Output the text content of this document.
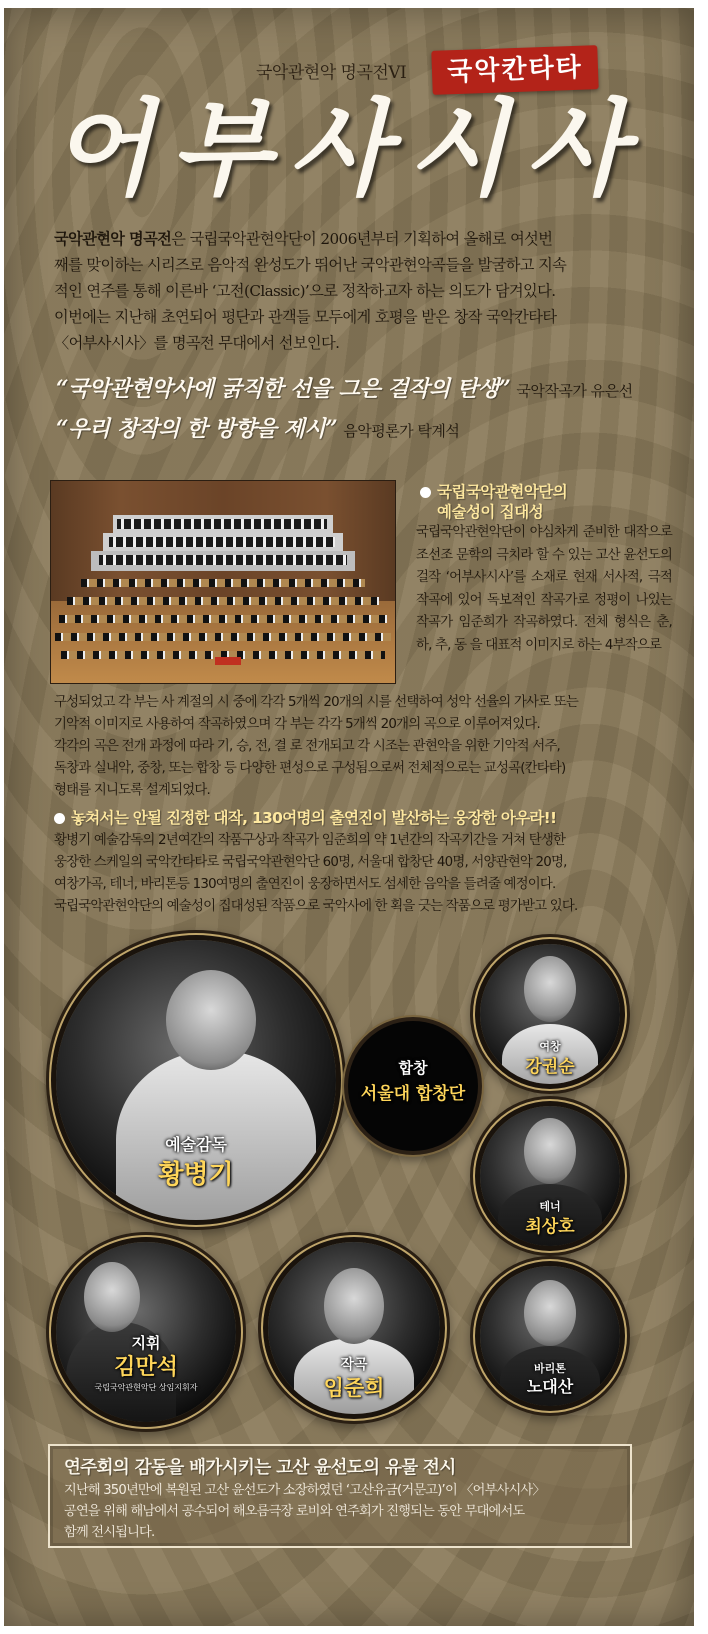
국악관현악 명곡전VI	국악칸타타
어부사시사
국악관현악 명곡전은 국립국악관현악단이 2006년부터 기획하여 올해로 여섯번
째를 맞이하는 시리즈로 음악적 완성도가 뛰어난 국악관현악곡들을 발굴하고 지속
적인 연주를 통해 이른바 ‘고전(Classic)’으로 정착하고자 하는 의도가 담겨있다.
이번에는 지난해 초연되어 평단과 관객들 모두에게 호평을 받은 창작 국악칸타타
〈어부사시사〉를 명곡전 무대에서 선보인다.
“국악관현악사에 굵직한 선을 그은 걸작의 탄생” 국악작곡가 유은선
“우리 창작의 한 방향을 제시” 음악평론가 탁계석
국립국악관현악단의
예술성이 집대성
국립국악관현악단이 야심차게 준비한 대작으로 조선조 문학의 극치라 할 수 있는 고산 윤선도의 걸작 ‘어부사시사’를 소재로 현재 서사적, 극적 작곡에 있어 독보적인 작곡가로 정평이 나있는 작곡가 임준희가 작곡하였다. 전체 형식은 춘, 하, 추, 동 을 대표적 이미지로 하는 4부작으로
구성되었고 각 부는 사 계절의 시 중에 각각 5개씩 20개의 시를 선택하여 성악 선율의 가사로 또는
기악적 이미지로 사용하여 작곡하였으며 각 부는 각각 5개씩 20개의 곡으로 이루어져있다.
각각의 곡은 전개 과정에 따라 기, 승, 전, 결 로 전개되고 각 시조는 관현악을 위한 기악적 서주,
독창과 실내악, 중창, 또는 합창 등 다양한 편성으로 구성됨으로써 전체적으로는 교성곡(칸타타)
형태를 지니도록 설계되었다.
놓쳐서는 안될 진정한 대작, 130여명의 출연진이 발산하는 웅장한 아우라!!
황병기 예술감독의 2년여간의 작품구상과 작곡가 임준희의 약 1년간의 작곡기간을 거쳐 탄생한
웅장한 스케일의 국악칸타타로 국립국악관현악단 60명, 서울대 합창단 40명, 서양관현악 20명,
여창가곡, 테너, 바리톤등 130여명의 출연진이 웅장하면서도 섬세한 음악을 들려줄 예정이다.
국립국악관현악단의 예술성이 집대성된 작품으로 국악사에 한 획을 긋는 작품으로 평가받고 있다.
예술감독
황병기
합창
서울대 합창단
여창
강권순
테너
최상호
지휘
김만석
국립국악관현악단 상임지휘자
작곡
임준희
바리톤
노대산
연주회의 감동을 배가시키는 고산 윤선도의 유물 전시
지난해 350년만에 복원된 고산 윤선도가 소장하였던 ‘고산유금(거문고)’이 〈어부사시사〉
공연을 위해 해남에서 공수되어 해오름극장 로비와 연주회가 진행되는 동안 무대에서도
함께 전시됩니다.
